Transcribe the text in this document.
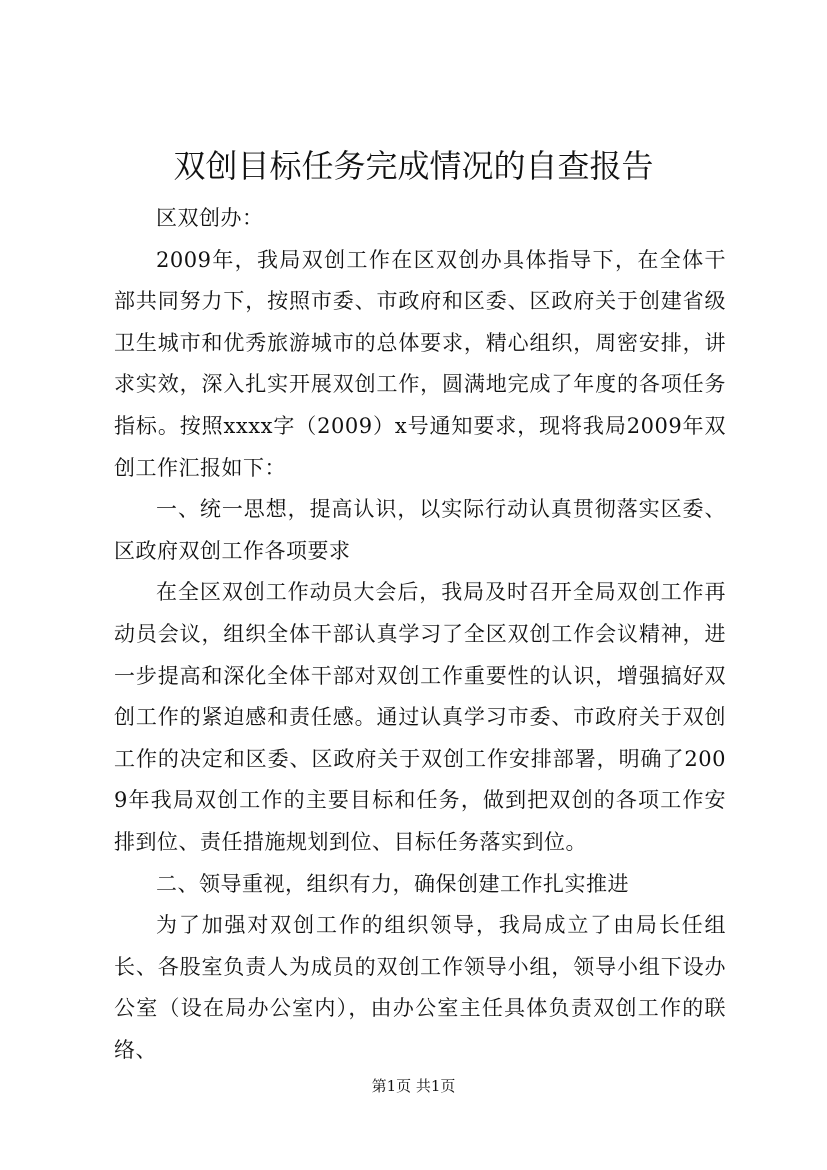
双创目标任务完成情况的自查报告

区双创办：

2009年，我局双创工作在区双创办具体指导下，在全体干部共同努力下，按照市委、市政府和区委、区政府关于创建省级卫生城市和优秀旅游城市的总体要求，精心组织，周密安排，讲求实效，深入扎实开展双创工作，圆满地完成了年度的各项任务指标。按照xxxx字（2009）x号通知要求，现将我局2009年双创工作汇报如下：

一、统一思想，提高认识，以实际行动认真贯彻落实区委、区政府双创工作各项要求

在全区双创工作动员大会后，我局及时召开全局双创工作再动员会议，组织全体干部认真学习了全区双创工作会议精神，进一步提高和深化全体干部对双创工作重要性的认识，增强搞好双创工作的紧迫感和责任感。通过认真学习市委、市政府关于双创工作的决定和区委、区政府关于双创工作安排部署，明确了2009年我局双创工作的主要目标和任务，做到把双创的各项工作安排到位、责任措施规划到位、目标任务落实到位。

二、领导重视，组织有力，确保创建工作扎实推进

为了加强对双创工作的组织领导，我局成立了由局长任组长、各股室负责人为成员的双创工作领导小组，领导小组下设办公室（设在局办公室内），由办公室主任具体负责双创工作的联络、

第1页 共1页
